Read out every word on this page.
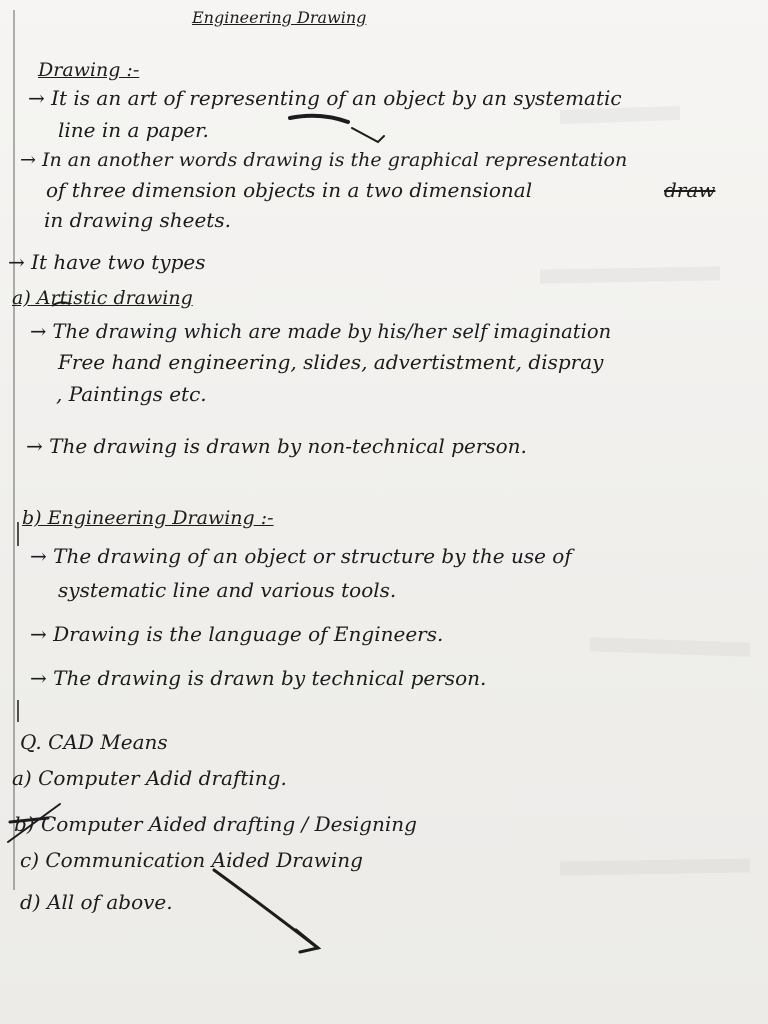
Engineering Drawing
Drawing :-
→ It is an art of representing of an object by an systematic
line in a paper.
→ In an another words drawing is the graphical representation
of three dimension objects in a two dimensional	draw
in drawing sheets.
→ It have two types
a) Artistic drawing
→ The drawing which are made by his/her self imagination
Free hand engineering, slides, advertistment, dispray
, Paintings etc.
→ The drawing is drawn by non-technical person.
b) Engineering Drawing :-
→ The drawing of an object or structure by the use of
systematic line and various tools.
→ Drawing is the language of Engineers.
→ The drawing is drawn by technical person.
Q. CAD Means
a) Computer Adid drafting.
b) Computer Aided drafting / Designing
c) Communication Aided Drawing
d) All of above.
